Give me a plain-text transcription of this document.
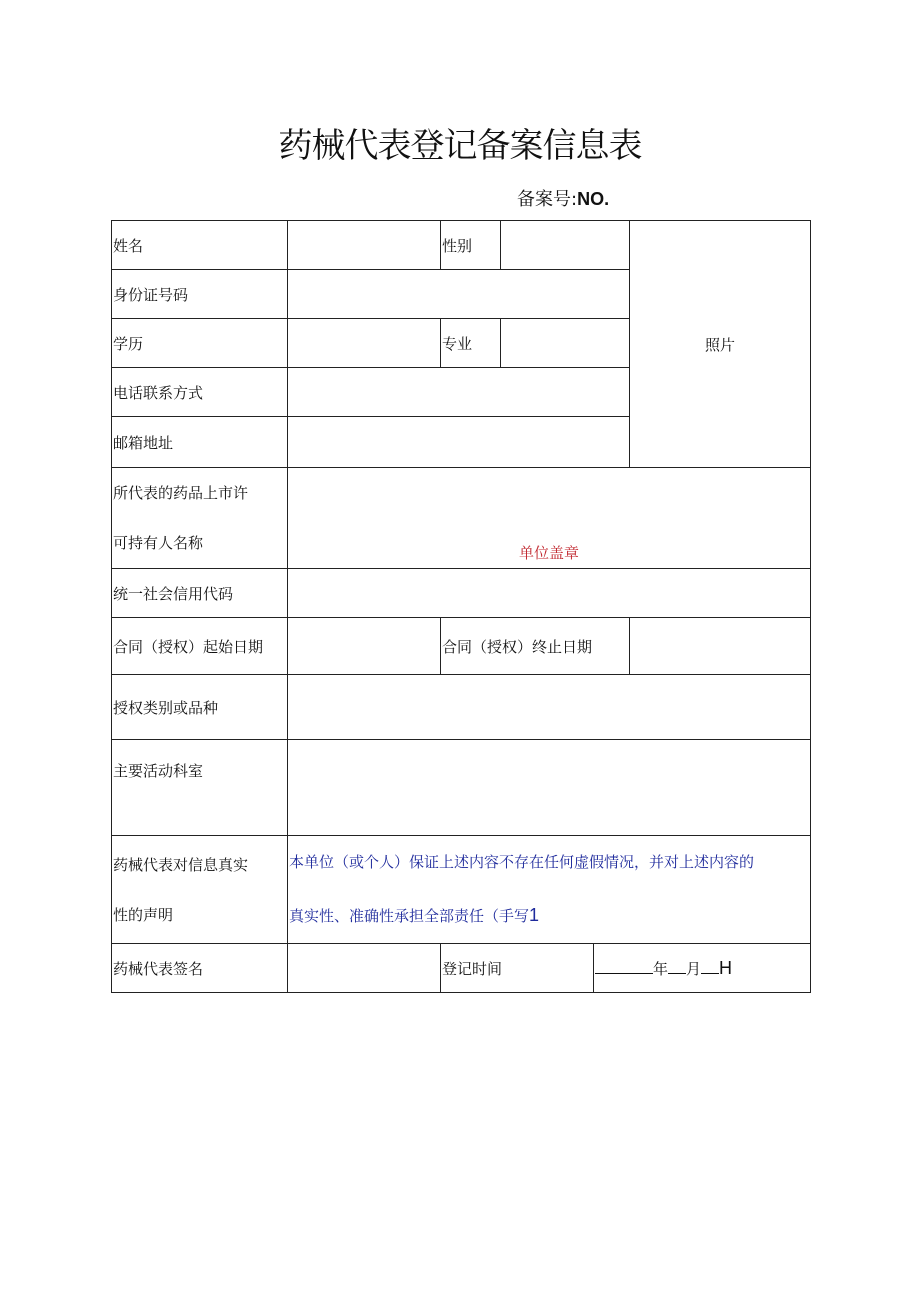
药械代表登记备案信息表
备案号:NO.
姓名		性别			照片
身份证号码					
学历		专业			
电话联系方式					
邮箱地址					
所代表的药品上市许
可持有人名称	单位盖章				

统一社会信用代码					
合同（授权）起始日期		合同（授权）终止日期			
授权类别或品种					
主要活动科室					
药械代表对信息真实
性的声明	本单位（或个人）保证上述内容不存在任何虚假情况，并对上述内容的
真实性、准确性承担全部责任（手写1				
药械代表签名		登记时间		年 月 H	
